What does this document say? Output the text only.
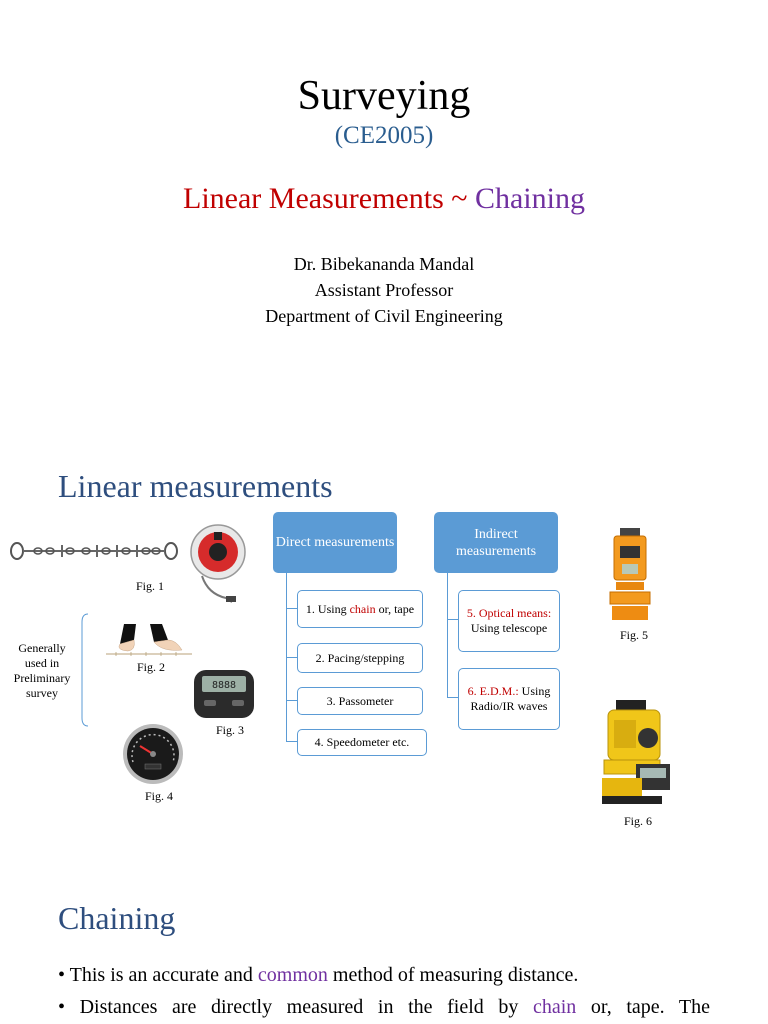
Surveying
(CE2005)
Linear Measurements ~ Chaining
Dr. Bibekananda Mandal
Assistant Professor
Department of Civil Engineering
Linear measurements
Fig. 1
Generally used in Preliminary survey
Fig. 2
8888
Fig. 3
Fig. 4
Direct measurements
1. Using chain or, tape
2. Pacing/stepping
3. Passometer
4. Speedometer etc.
Indirect measurements
5. Optical means:
Using telescope
6. E.D.M.: Using
Radio/IR waves
Fig. 5
Fig. 6
Chaining
• This is an accurate and common method of measuring distance.
• Distances are directly measured in the field by chain or, tape. The
